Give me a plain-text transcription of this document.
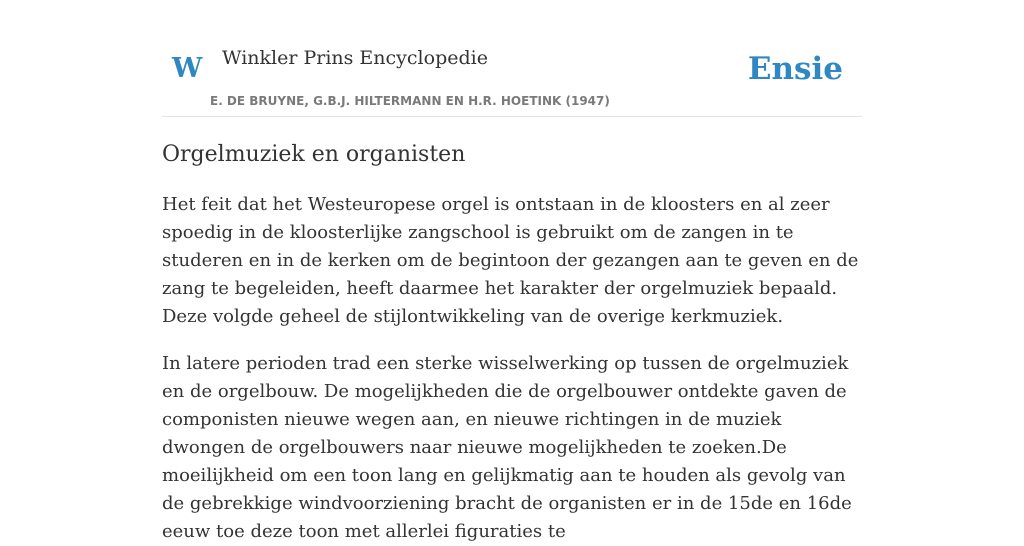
W Winkler Prins Encyclopedie
E. DE BRUYNE, G.B.J. HILTERMANN EN H.R. HOETINK (1947)
Ensie
Orgelmuziek en organisten

Het feit dat het Westeuropese orgel is ontstaan in de kloosters en al zeer spoedig in de kloosterlijke zangschool is gebruikt om de zangen in te studeren en in de kerken om de begintoon der gezangen aan te geven en de zang te begeleiden, heeft daarmee het karakter der orgelmuziek bepaald. Deze volgde geheel de stijlontwikkeling van de overige kerkmuziek.

In latere perioden trad een sterke wisselwerking op tussen de orgelmuziek en de orgelbouw. De mogelijkheden die de orgelbouwer ontdekte gaven de componisten nieuwe wegen aan, en nieuwe richtingen in de muziek dwongen de orgelbouwers naar nieuwe mogelijkheden te zoeken.De moeilijkheid om een toon lang en gelijkmatig aan te houden als gevolg van de gebrekkige windvoorziening bracht de organisten er in de 15de en 16de eeuw toe deze toon met allerlei figuraties te
